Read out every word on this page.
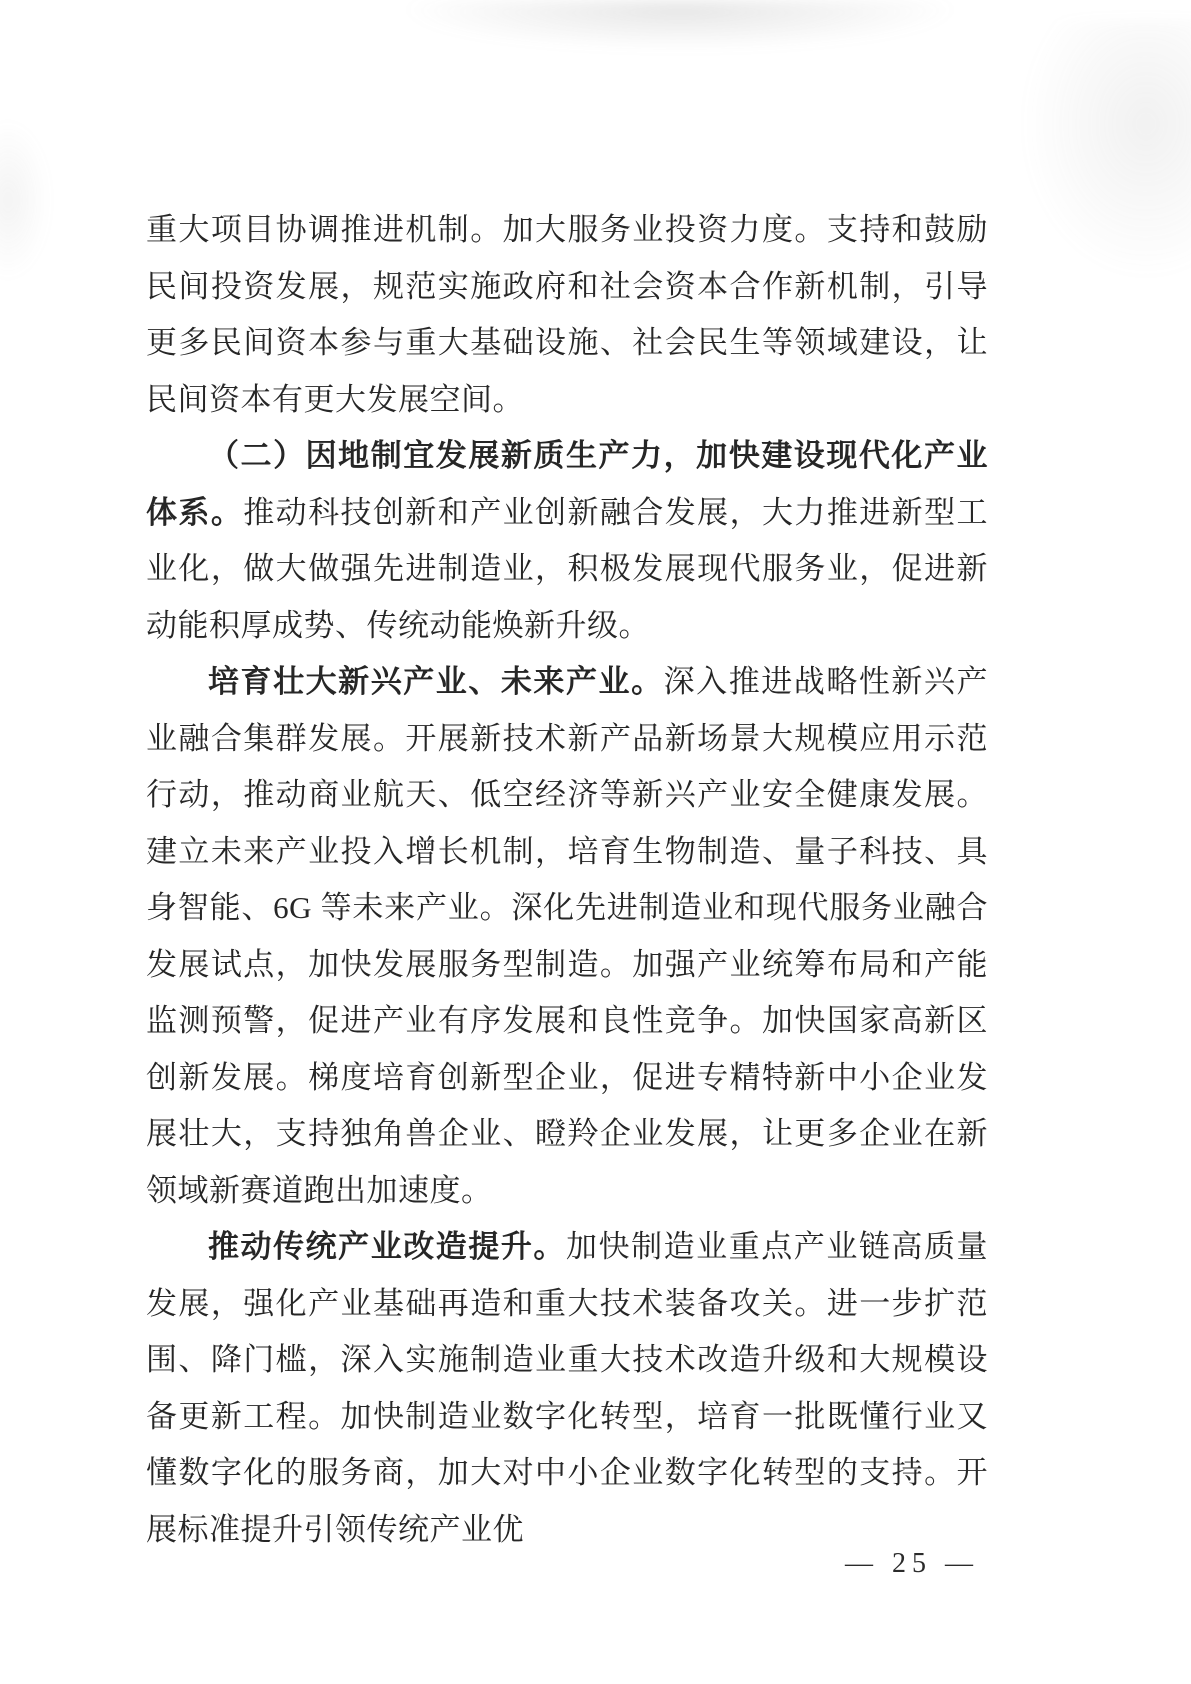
重大项目协调推进机制。加大服务业投资力度。支持和鼓励民间投资发展，规范实施政府和社会资本合作新机制，引导更多民间资本参与重大基础设施、社会民生等领域建设，让民间资本有更大发展空间。

（二）因地制宜发展新质生产力，加快建设现代化产业体系。推动科技创新和产业创新融合发展，大力推进新型工业化，做大做强先进制造业，积极发展现代服务业，促进新动能积厚成势、传统动能焕新升级。

培育壮大新兴产业、未来产业。深入推进战略性新兴产业融合集群发展。开展新技术新产品新场景大规模应用示范行动，推动商业航天、低空经济等新兴产业安全健康发展。建立未来产业投入增长机制，培育生物制造、量子科技、具身智能、6G 等未来产业。深化先进制造业和现代服务业融合发展试点，加快发展服务型制造。加强产业统筹布局和产能监测预警，促进产业有序发展和良性竞争。加快国家高新区创新发展。梯度培育创新型企业，促进专精特新中小企业发展壮大，支持独角兽企业、瞪羚企业发展，让更多企业在新领域新赛道跑出加速度。

推动传统产业改造提升。加快制造业重点产业链高质量发展，强化产业基础再造和重大技术装备攻关。进一步扩范围、降门槛，深入实施制造业重大技术改造升级和大规模设备更新工程。加快制造业数字化转型，培育一批既懂行业又懂数字化的服务商，加大对中小企业数字化转型的支持。开展标准提升引领传统产业优

— 25 —
